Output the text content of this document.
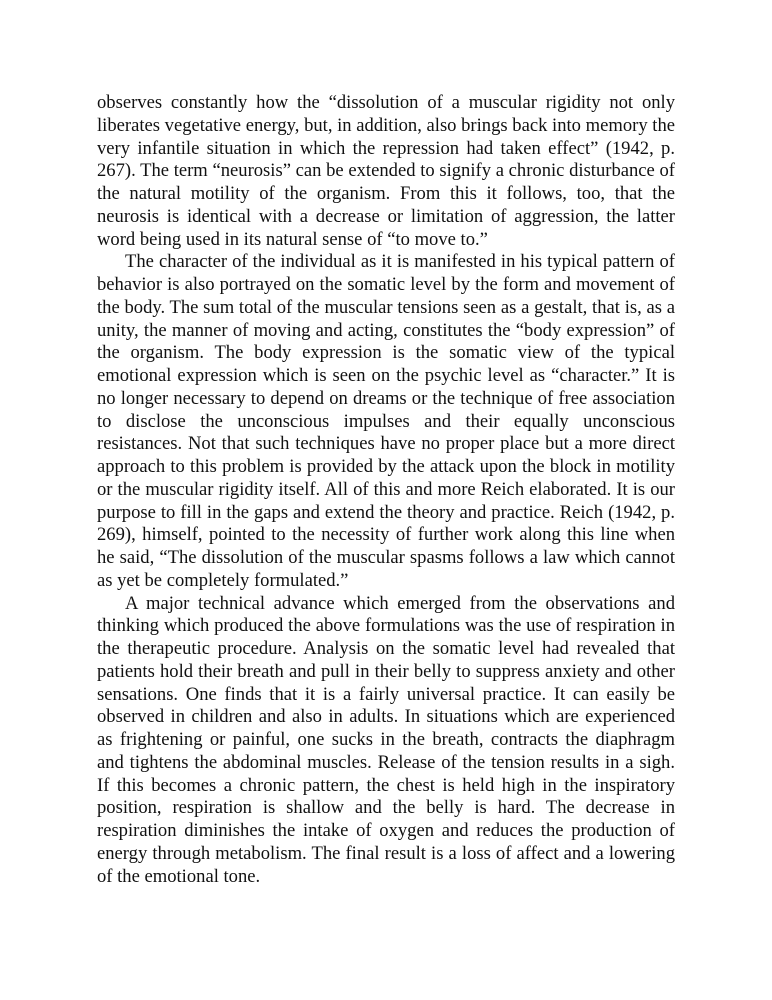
observes constantly how the “dissolution of a muscular rigidity not only liberates vegetative energy, but, in addition, also brings back into memory the very infantile situation in which the repression had taken effect” (1942, p. 267). The term “neurosis” can be extended to signify a chronic disturbance of the natural motility of the organism. From this it follows, too, that the neurosis is identical with a decrease or limitation of aggression, the latter word being used in its natural sense of “to move to.”

The character of the individual as it is manifested in his typical pattern of behavior is also portrayed on the somatic level by the form and movement of the body. The sum total of the muscular tensions seen as a gestalt, that is, as a unity, the manner of moving and acting, constitutes the “body expression” of the organism. The body expression is the somatic view of the typical emotional expression which is seen on the psychic level as “character.” It is no longer necessary to depend on dreams or the technique of free association to disclose the unconscious impulses and their equally unconscious resistances. Not that such techniques have no proper place but a more direct approach to this problem is provided by the attack upon the block in motility or the muscular rigidity itself. All of this and more Reich elaborated. It is our purpose to fill in the gaps and extend the theory and practice. Reich (1942, p. 269), himself, pointed to the necessity of further work along this line when he said, “The dissolution of the muscular spasms follows a law which cannot as yet be completely formulated.”

A major technical advance which emerged from the observations and thinking which produced the above formulations was the use of respiration in the therapeutic procedure. Analysis on the somatic level had revealed that patients hold their breath and pull in their belly to suppress anxiety and other sensations. One finds that it is a fairly universal practice. It can easily be observed in children and also in adults. In situations which are experienced as frightening or painful, one sucks in the breath, contracts the diaphragm and tightens the abdominal muscles. Release of the tension results in a sigh. If this becomes a chronic pattern, the chest is held high in the inspiratory position, respiration is shallow and the belly is hard. The decrease in respiration diminishes the intake of oxygen and reduces the production of energy through metabolism. The final result is a loss of affect and a lowering of the emotional tone.
